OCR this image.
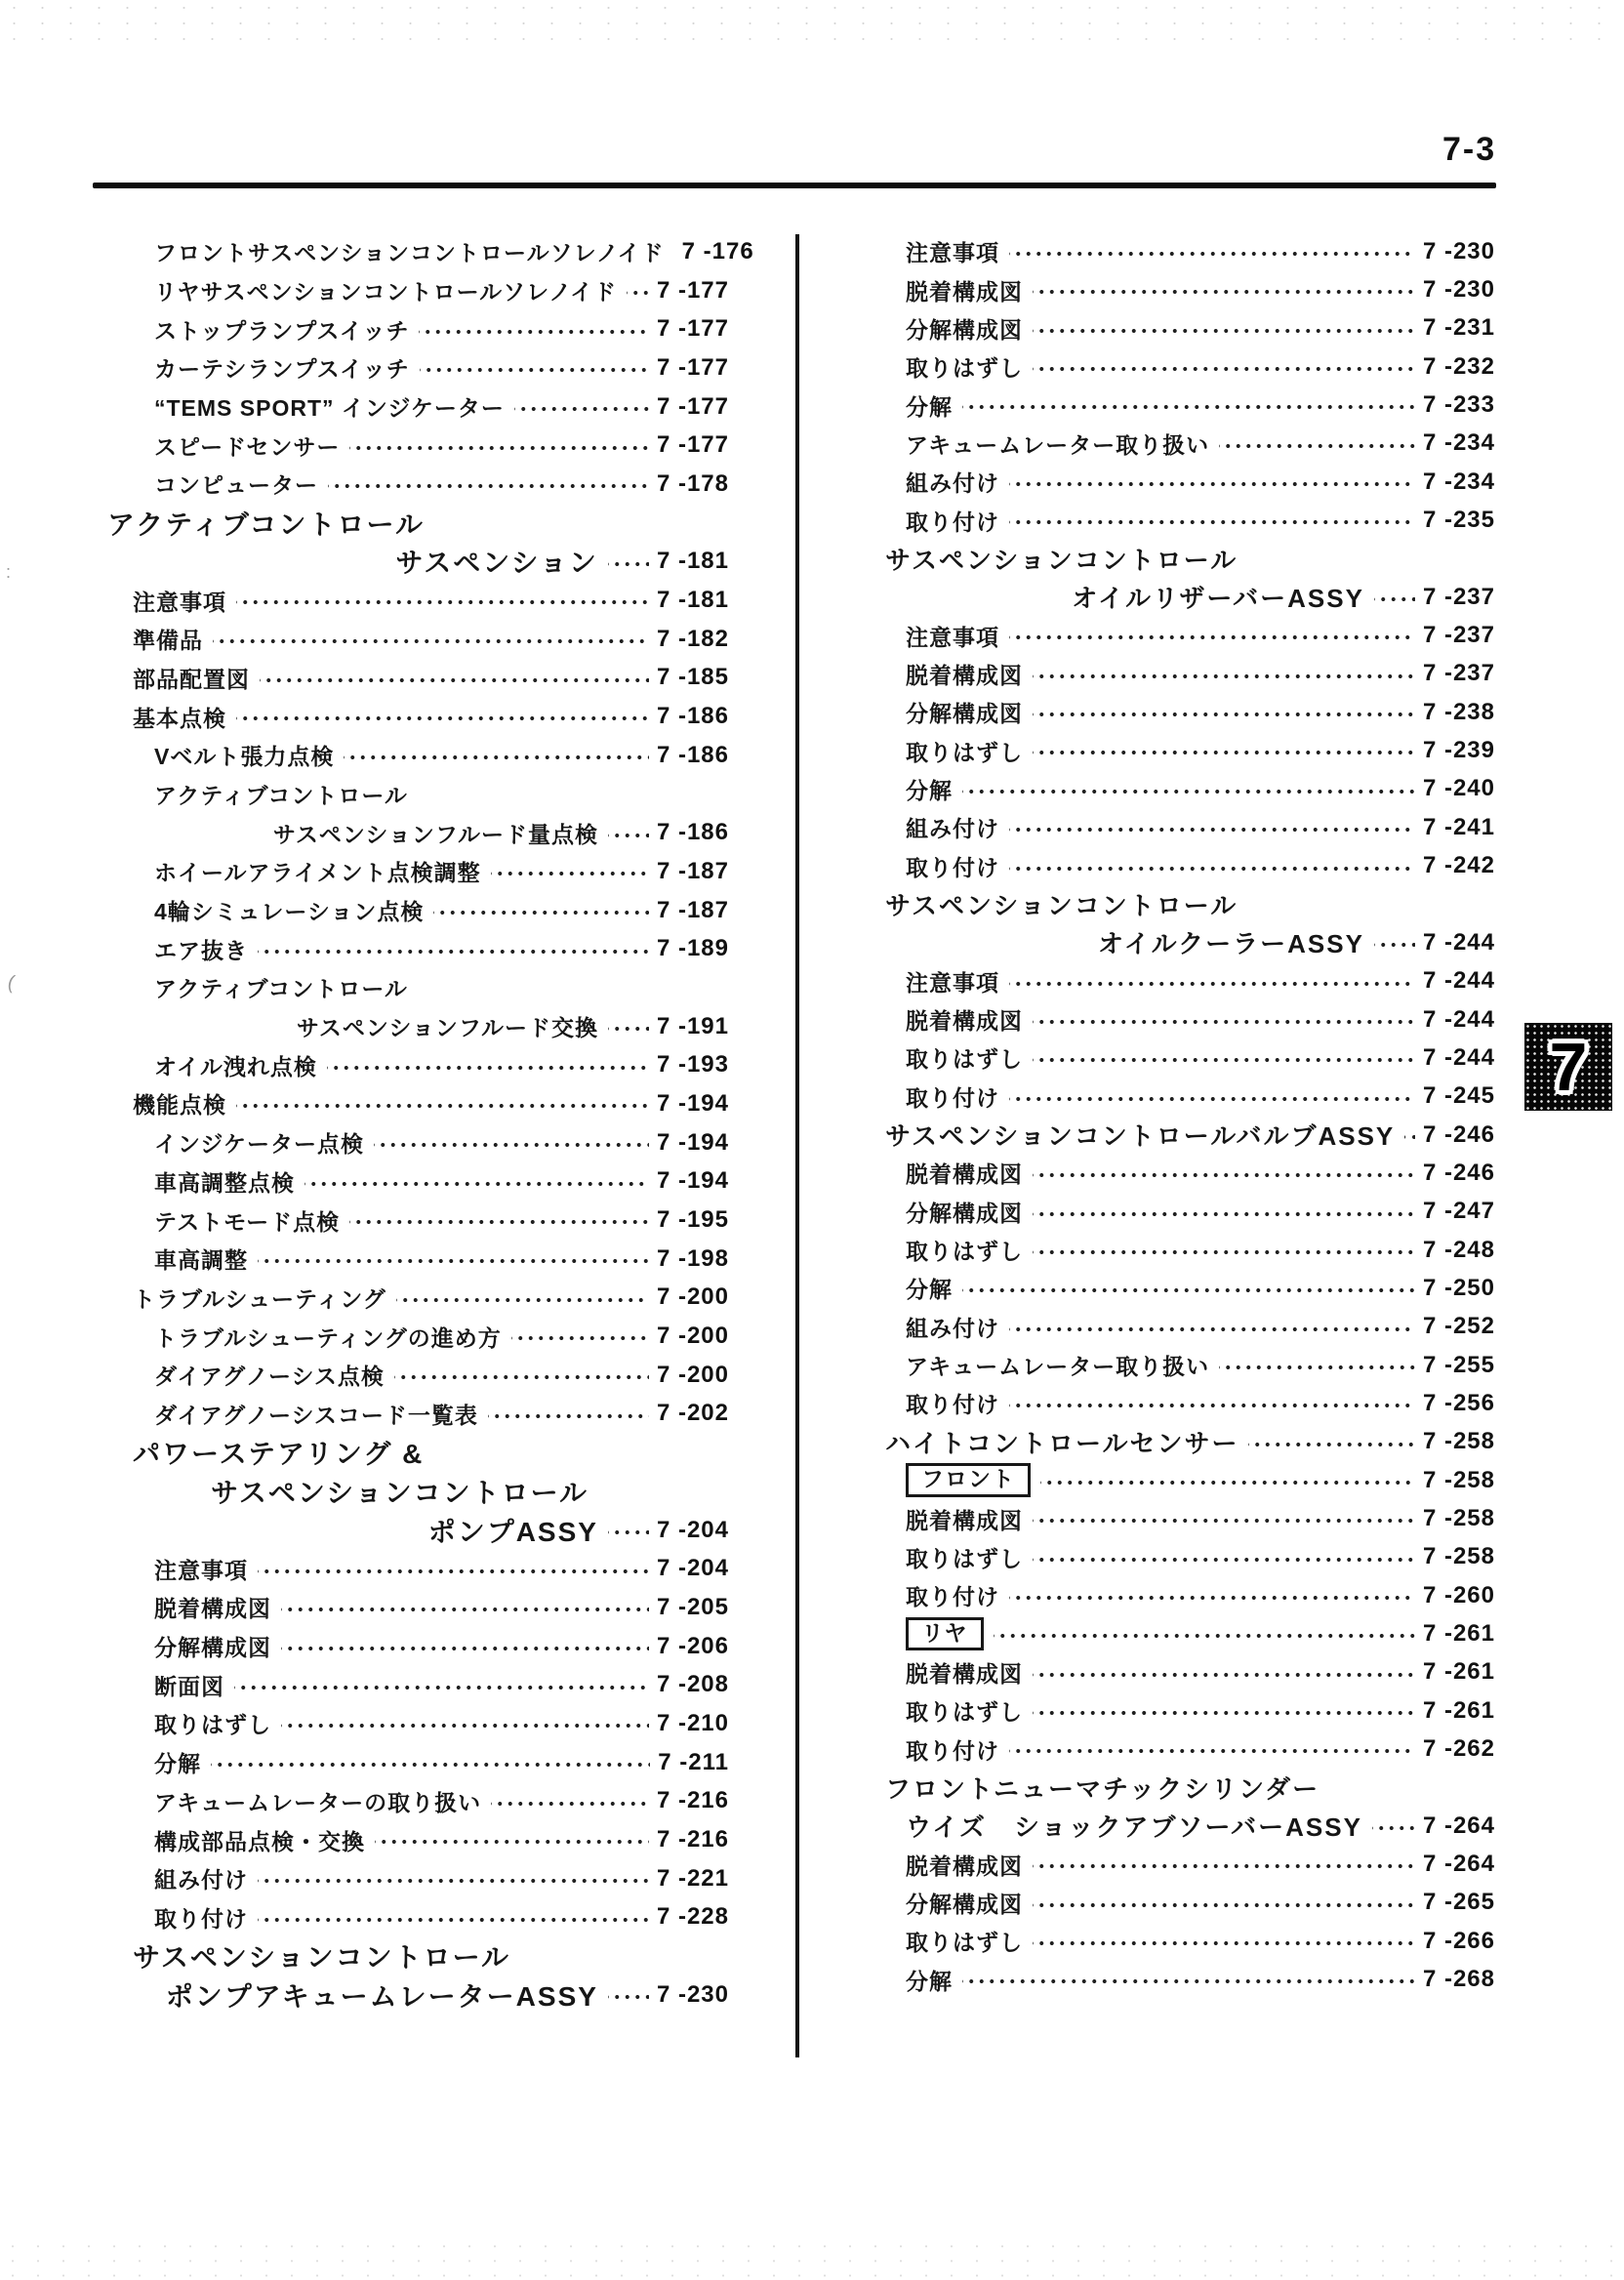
:
(
7-3
フロントサスペンションコントロールソレノイド 7 -176
リヤサスペンションコントロールソレノイド 7 -177
ストップランプスイッチ	7 -177
カーテシランプスイッチ	7 -177
“TEMS SPORT” インジケーター	7 -177
スピードセンサー	7 -177
コンピューター	7 -178
アクティブコントロール
サスペンション	7 -181
注意事項	7 -181
準備品	7 -182
部品配置図	7 -185
基本点検	7 -186
Vベルト張力点検	7 -186
アクティブコントロール
サスペンションフルード量点検	7 -186
ホイールアライメント点検調整	7 -187
4輪シミュレーション点検	7 -187
エア抜き	7 -189
アクティブコントロール
サスペンションフルード交換	7 -191
オイル洩れ点検	7 -193
機能点検	7 -194
インジケーター点検	7 -194
車高調整点検	7 -194
テストモード点検	7 -195
車高調整	7 -198
トラブルシューティング	7 -200
トラブルシューティングの進め方	7 -200
ダイアグノーシス点検	7 -200
ダイアグノーシスコード一覧表	7 -202
パワーステアリング &
サスペンションコントロール
ポンプASSY	7 -204
注意事項	7 -204
脱着構成図	7 -205
分解構成図	7 -206
断面図	7 -208
取りはずし	7 -210
分解	7 -211
アキュームレーターの取り扱い	7 -216
構成部品点検・交換	7 -216
組み付け	7 -221
取り付け	7 -228
サスペンションコントロール
ポンプアキュームレーターASSY	7 -230
注意事項	7 -230
脱着構成図	7 -230
分解構成図	7 -231
取りはずし	7 -232
分解	7 -233
アキュームレーター取り扱い	7 -234
組み付け	7 -234
取り付け	7 -235
サスペンションコントロール
オイルリザーバーASSY	7 -237
注意事項	7 -237
脱着構成図	7 -237
分解構成図	7 -238
取りはずし	7 -239
分解	7 -240
組み付け	7 -241
取り付け	7 -242
サスペンションコントロール
オイルクーラーASSY	7 -244
注意事項	7 -244
脱着構成図	7 -244
取りはずし	7 -244
取り付け	7 -245
サスペンションコントロールバルブASSY 7 -246
脱着構成図	7 -246
分解構成図	7 -247
取りはずし	7 -248
分解	7 -250
組み付け	7 -252
アキュームレーター取り扱い	7 -255
取り付け	7 -256
ハイトコントロールセンサー	7 -258
フロント	7 -258
脱着構成図	7 -258
取りはずし	7 -258
取り付け	7 -260
リヤ	7 -261
脱着構成図	7 -261
取りはずし	7 -261
取り付け	7 -262
フロントニューマチックシリンダー
ウイズ　ショックアブソーバーASSY	7 -264
脱着構成図	7 -264
分解構成図	7 -265
取りはずし	7 -266
分解	7 -268
7
